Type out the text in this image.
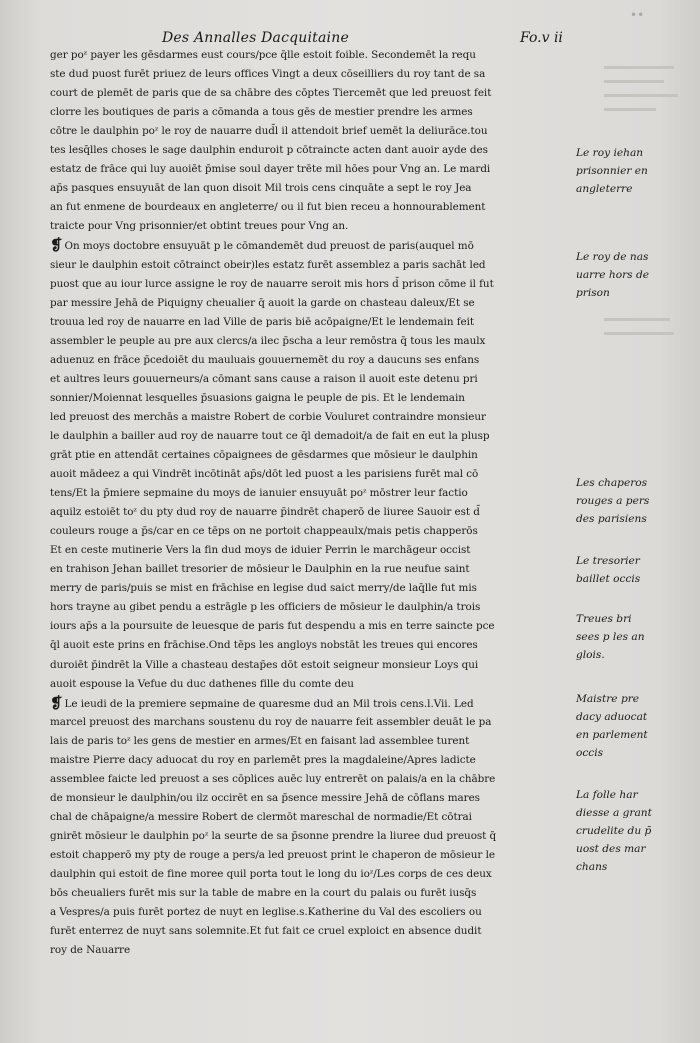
••
Des Annalles Dacquitaine	Fo.v ii
ger poᶻ payer les gēsdarmes eust cours/pce q̄lle estoit foible. Secondemēt la requ
ste dud puost furēt priuez de leurs offices Vingt a deux cōseilliers du roy tant de sa
court de plemēt de paris que de sa chābre des cōptes Tiercemēt que led preuost feit
clorre les boutiques de paris a cōmanda a tous gēs de mestier prendre les armes
cōtre le daulphin poᶻ le roy de nauarre dud̄l il attendoit brief uemēt la deliurāce.tou
tes lesq̄lles choses le sage daulphin enduroit p cōtraincte acten dant auoir ayde des
estatz de frāce qui luy auoiēt p̄mise soul dayer trēte mil hōes pour Vng an. Le mardi
ap̄s pasques ensuyuāt de lan quon disoit Mil trois cens cinquāte a sept le roy Jea
an fut enmene de bourdeaux en angleterre/ ou il fut bien receu a honnourablement
traicte pour Vng prisonnier/et obtint treues pour Vng an.
❡ On moys doctobre ensuyuāt p le cōmandemēt dud preuost de paris(auquel mō
sieur le daulphin estoit cōtrainct obeir)les estatz furēt assemblez a paris sachāt led
puost que au iour lurce assigne le roy de nauarre seroit mis hors d̄ prison cōme il fut
par messire Jehā de Piquigny cheualier q̄ auoit la garde on chasteau daleux/Et se
trouua led roy de nauarre en lad Ville de paris biē acōpaigne/Et le lendemain feit
assembler le peuple au pre aux clercs/a ilec p̄scha a leur remōstra q̄ tous les maulx
aduenuz en frāce p̄cedoiēt du mauluais gouuernemēt du roy a daucuns ses enfans
et aultres leurs gouuerneurs/a cōmant sans cause a raison il auoit este detenu pri
sonnier/Moiennat lesquelles p̄suasions gaigna le peuple de pis. Et le lendemain
led preuost des merchās a maistre Robert de corbie Vouluret contraindre monsieur
le daulphin a bailler aud roy de nauarre tout ce q̄l demadoit/a de fait en eut la plusp
grāt ptie en attendāt certaines cōpaignees de gēsdarmes que mōsieur le daulphin
auoit mādeez a qui Vindrēt incōtināt ap̄s/dōt led puost a les parisiens furēt mal cō
tens/Et la p̄miere sepmaine du moys de ianuier ensuyuāt poᶻ mōstrer leur factio
aquilz estoiēt toᶻ du pty dud roy de nauarre p̄indrēt chaperō de liuree Sauoir est d̄
couleurs rouge a p̄s/car en ce tēps on ne portoit chappeaulx/mais petis chapperōs
Et en ceste mutinerie Vers la fin dud moys de iduier Perrin le marchāgeur occist
en trahison Jehan baillet tresorier de mōsieur le Daulphin en la rue neufue saint
merry de paris/puis se mist en frāchise en legise dud saict merry/de laq̄lle fut mis
hors trayne au gibet pendu a estrāgle p les officiers de mōsieur le daulphin/a trois
iours ap̄s a la poursuite de leuesque de paris fut despendu a mis en terre saincte pce
q̄l auoit este prins en frāchise.Ond tēps les angloys nobstāt les treues qui encores
duroiēt p̄indrēt la Ville a chasteau destap̄es dōt estoit seigneur monsieur Loys qui
auoit espouse la Vefue du duc dathenes fille du comte deu
❡ Le ieudi de la premiere sepmaine de quaresme dud an Mil trois cens.l.Vii. Led
marcel preuost des marchans soustenu du roy de nauarre feit assembler deuāt le pa
lais de paris toᶻ les gens de mestier en armes/Et en faisant lad assemblee turent
maistre Pierre dacy aduocat du roy en parlemēt pres la magdaleine/Apres ladicte
assemblee faicte led preuost a ses cōplices auēc luy entrerēt on palais/a en la chābre
de monsieur le daulphin/ou ilz occirēt en sa p̄sence messire Jehā de cōflans mares
chal de chāpaigne/a messire Robert de clermōt mareschal de normadie/Et cōtrai
gnirēt mōsieur le daulphin poᶻ la seurte de sa p̄sonne prendre la liuree dud preuost q̄
estoit chapperō my pty de rouge a pers/a led preuost print le chaperon de mōsieur le
daulphin qui estoit de fine moree quil porta tout le long du ioᶻ/Les corps de ces deux
bōs cheualiers furēt mis sur la table de mabre en la court du palais ou furēt iusq̄s
a Vespres/a puis furēt portez de nuyt en leglise.s.Katherine du Val des escoliers ou
furēt enterrez de nuyt sans solemnite.Et fut fait ce cruel exploict en absence dudit
roy de Nauarre
Le roy iehan
prisonnier en
angleterre
Le roy de nas
uarre hors de
prison
Les chaperos
rouges a pers
des parisiens
Le tresorier
baillet occis
Treues bri
sees p les an
glois.
Maistre pre
dacy aduocat
en parlement
occis
La folle har
diesse a grant
crudelite du p̄
uost des mar
chans
